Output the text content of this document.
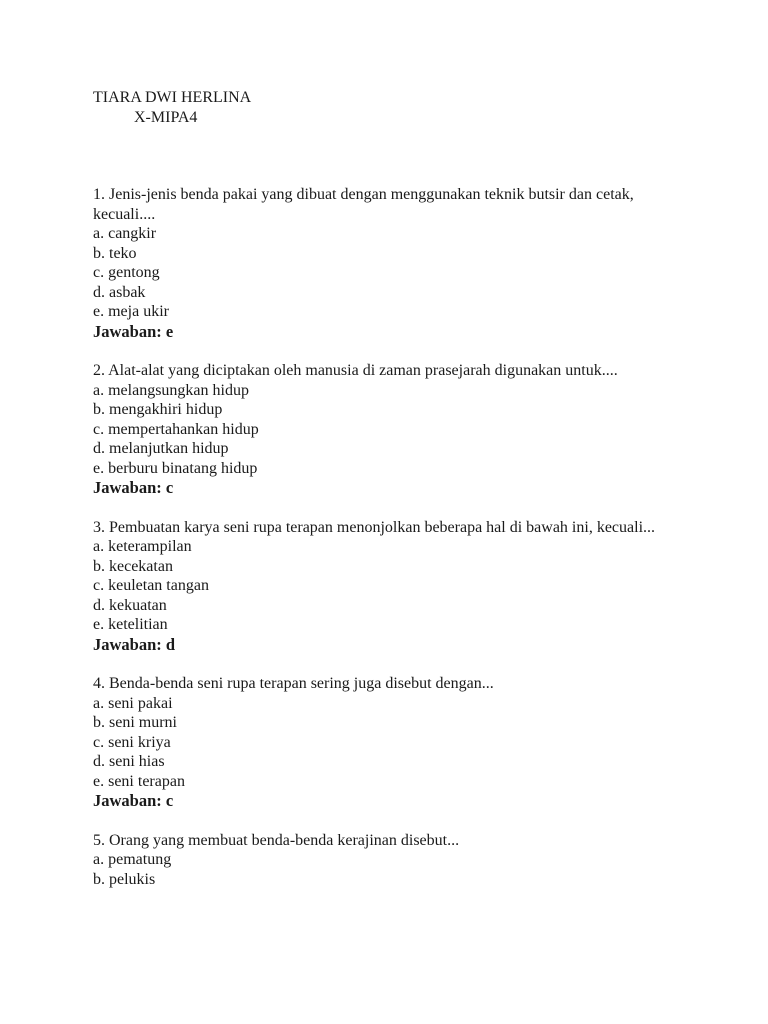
TIARA DWI HERLINA
X-MIPA4
1. Jenis-jenis benda pakai yang dibuat dengan menggunakan teknik butsir dan cetak, kecuali....
a. cangkir
b. teko
c. gentong
d. asbak
e. meja ukir
Jawaban: e
2. Alat-alat yang diciptakan oleh manusia di zaman prasejarah digunakan untuk....
a. melangsungkan hidup
b. mengakhiri hidup
c. mempertahankan hidup
d. melanjutkan hidup
e. berburu binatang hidup
Jawaban: c
3. Pembuatan karya seni rupa terapan menonjolkan beberapa hal di bawah ini, kecuali...
a. keterampilan
b. kecekatan
c. keuletan tangan
d. kekuatan
e. ketelitian
Jawaban: d
4. Benda-benda seni rupa terapan sering juga disebut dengan...
a. seni pakai
b. seni murni
c. seni kriya
d. seni hias
e. seni terapan
Jawaban: c
5. Orang yang membuat benda-benda kerajinan disebut...
a. pematung
b. pelukis
